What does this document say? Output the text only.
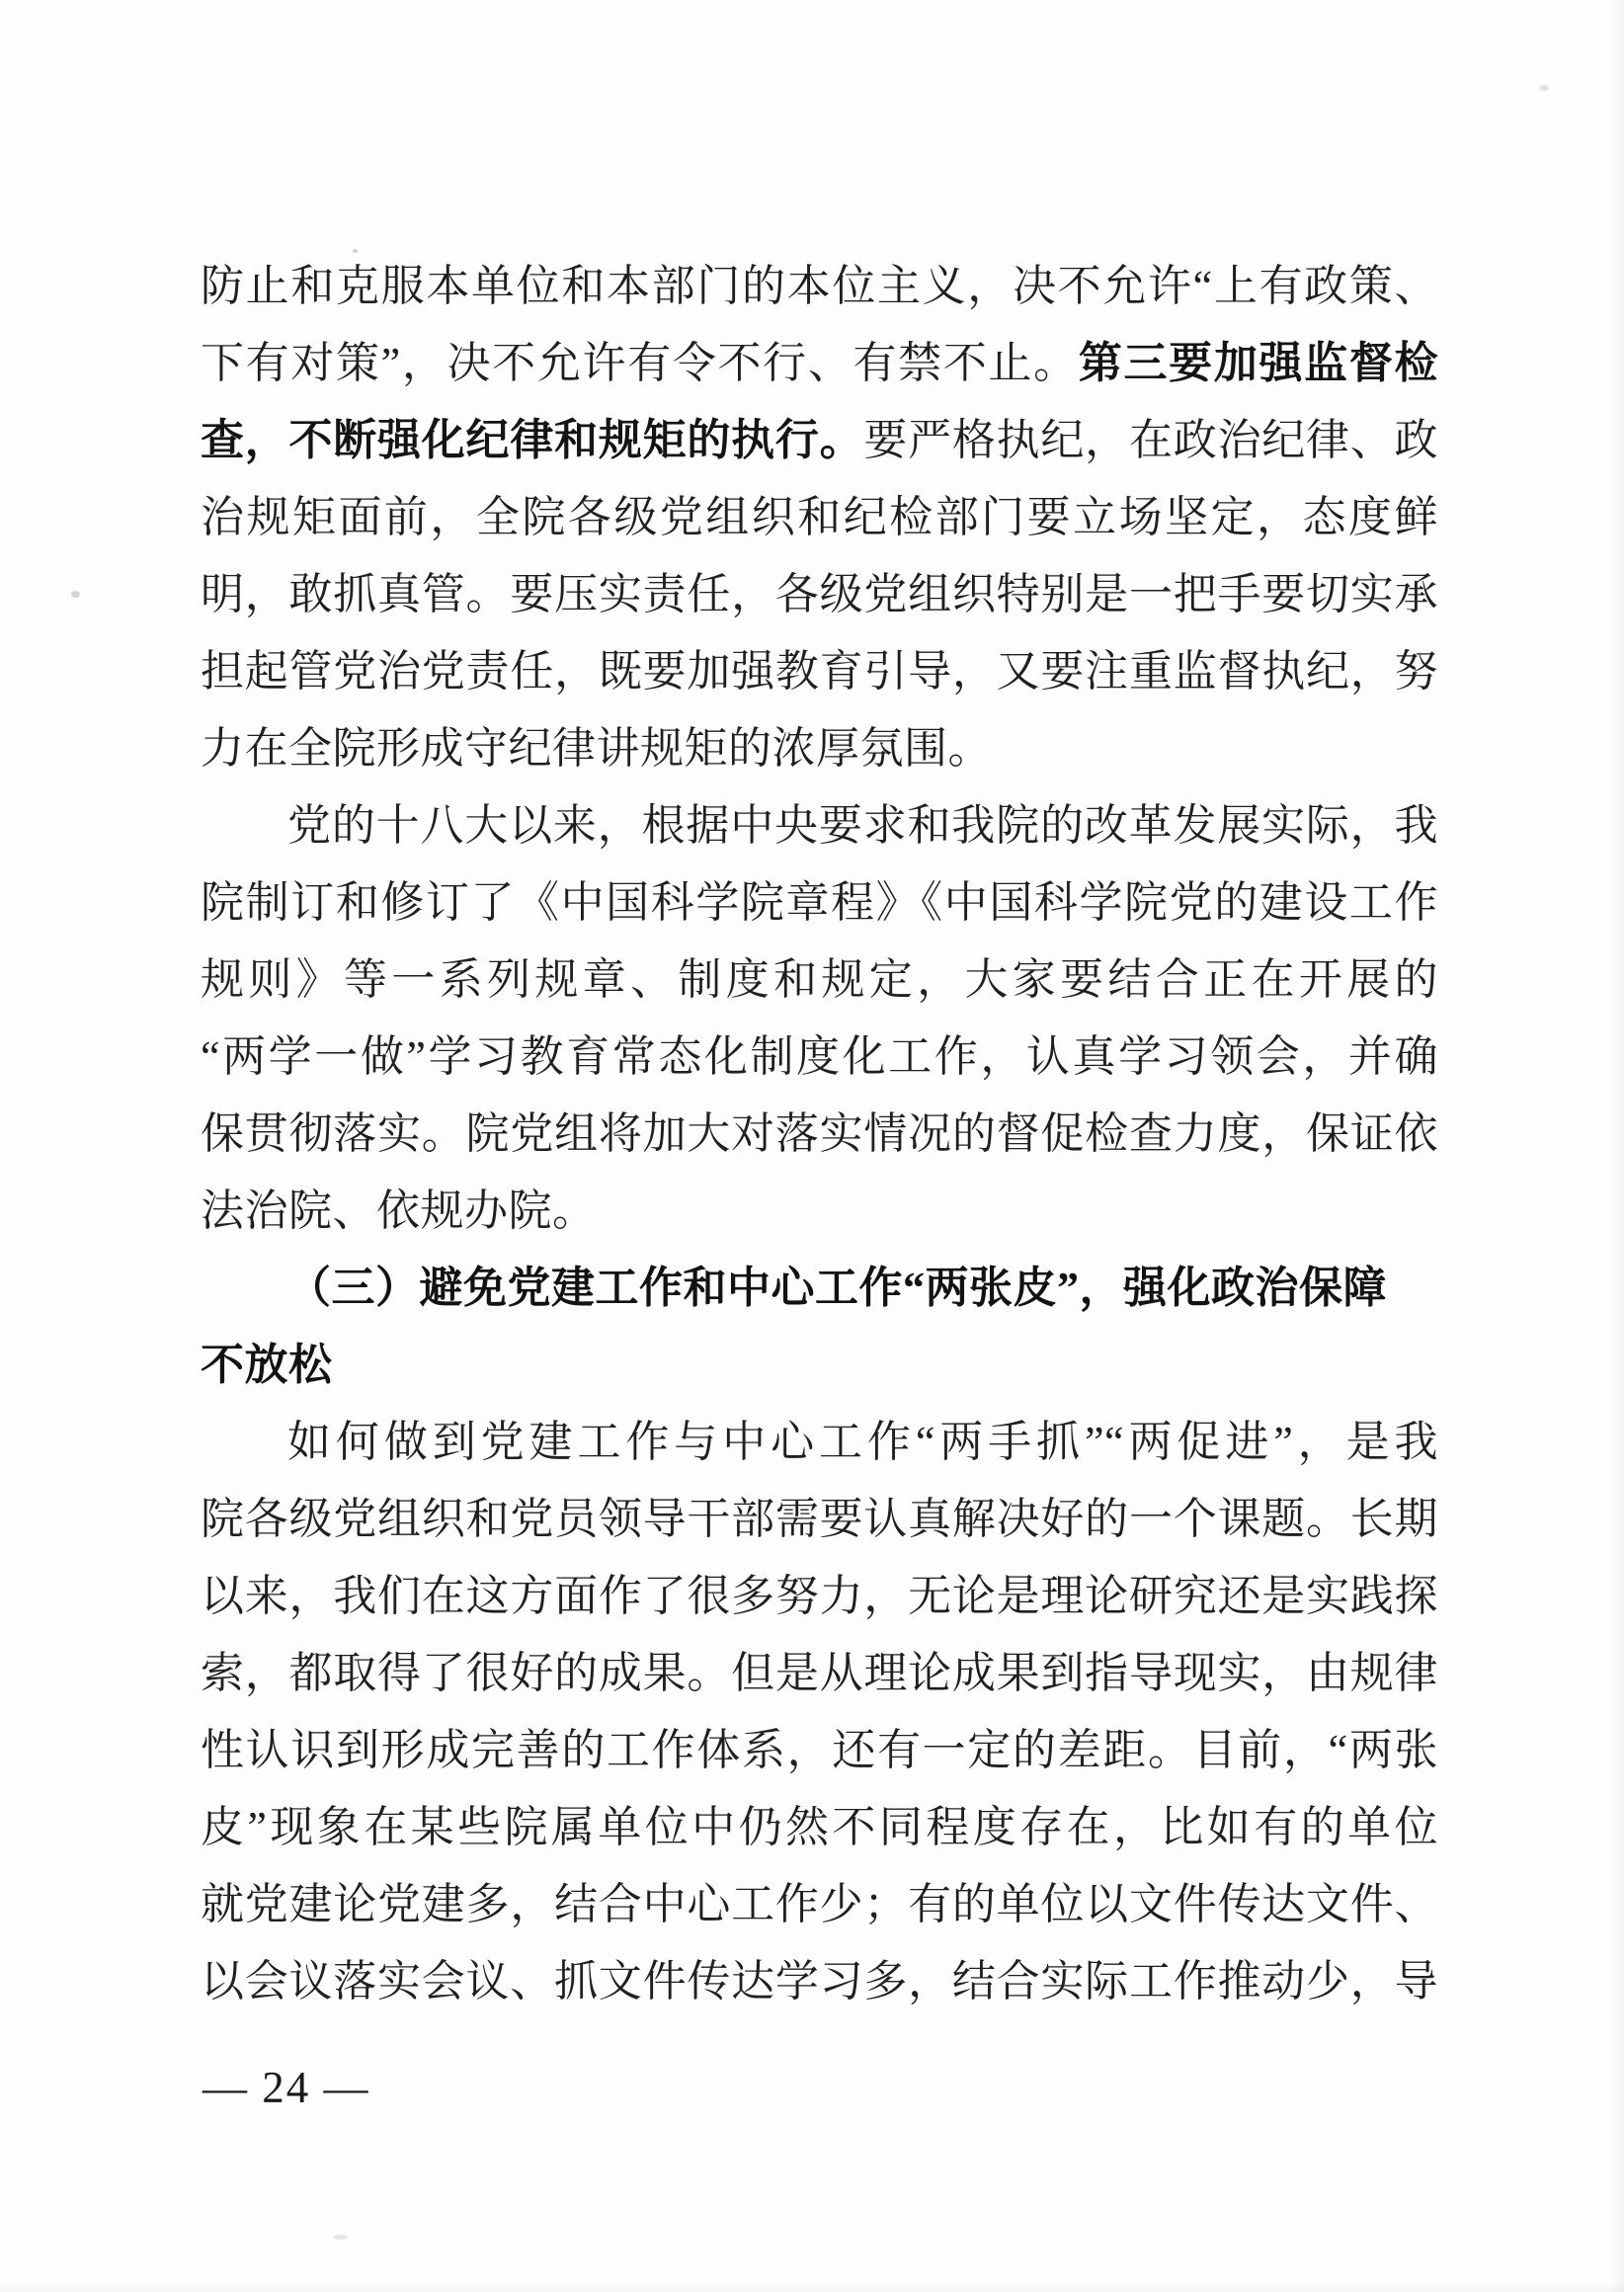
防止和克服本单位和本部门的本位主义，决不允许“上有政策、
下有对策”，决不允许有令不行、有禁不止。第三要加强监督检
查，不断强化纪律和规矩的执行。要严格执纪，在政治纪律、政
治规矩面前，全院各级党组织和纪检部门要立场坚定，态度鲜
明，敢抓真管。要压实责任，各级党组织特别是一把手要切实承
担起管党治党责任，既要加强教育引导，又要注重监督执纪，努
力在全院形成守纪律讲规矩的浓厚氛围。
党的十八大以来，根据中央要求和我院的改革发展实际，我
院制订和修订了《中国科学院章程》《中国科学院党的建设工作
规则》等一系列规章、制度和规定，大家要结合正在开展的
“两学一做”学习教育常态化制度化工作，认真学习领会，并确
保贯彻落实。院党组将加大对落实情况的督促检查力度，保证依
法治院、依规办院。
（三）避免党建工作和中心工作“两张皮”，强化政治保障
不放松
如何做到党建工作与中心工作“两手抓”“两促进”，是我
院各级党组织和党员领导干部需要认真解决好的一个课题。长期
以来，我们在这方面作了很多努力，无论是理论研究还是实践探
索，都取得了很好的成果。但是从理论成果到指导现实，由规律
性认识到形成完善的工作体系，还有一定的差距。目前，“两张
皮”现象在某些院属单位中仍然不同程度存在，比如有的单位
就党建论党建多，结合中心工作少；有的单位以文件传达文件、
以会议落实会议、抓文件传达学习多，结合实际工作推动少，导
— 24 —
